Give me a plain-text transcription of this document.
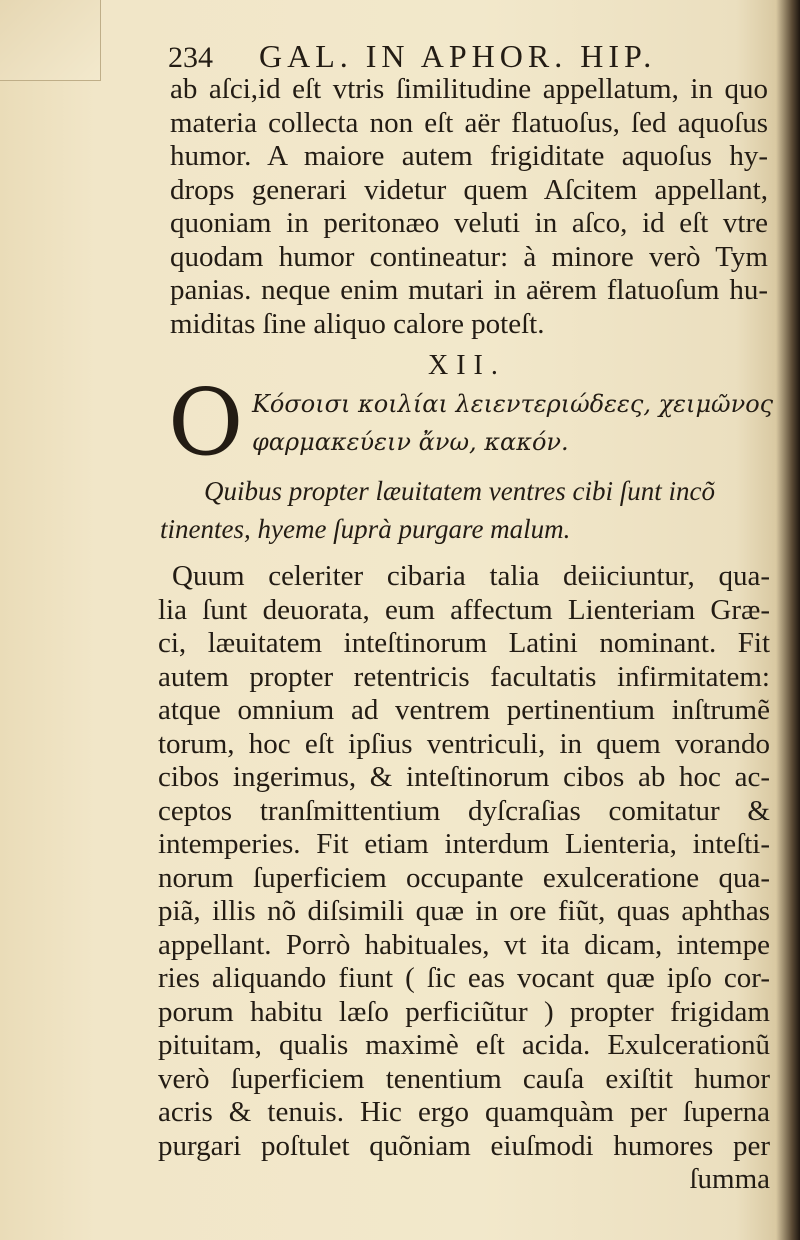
234 GAL. IN APHOR. HIP.
ab aſci,id eſt vtris ſimilitudine appellatum, in quo
materia collecta non eſt aër flatuoſus, ſed aquoſus
humor. A maiore autem frigiditate aquoſus hy-
drops generari videtur quem Aſcitem appellant,
quoniam in peritonæo veluti in aſco, id eſt vtre
quodam humor contineatur: à minore verò Tym
panias. neque enim mutari in aërem flatuoſum hu-
miditas ſine aliquo calore poteſt.
XII.
O Κόσοισι κοιλίαι λειεντεριώδεες, χειμῶνος
φαρμακεύειν ἄνω, κακόν.
Quibus propter læuitatem ventres cibi ſunt incõ
tinentes, hyeme ſuprà purgare malum.
Quum celeriter cibaria talia deiiciuntur, qua-
lia ſunt deuorata, eum affectum Lienteriam Græ-
ci, læuitatem inteſtinorum Latini nominant. Fit
autem propter retentricis facultatis infirmitatem:
atque omnium ad ventrem pertinentium inſtrumẽ
torum, hoc eſt ipſius ventriculi, in quem vorando
cibos ingerimus, & inteſtinorum cibos ab hoc ac-
ceptos tranſmittentium dyſcraſias comitatur &
intemperies. Fit etiam interdum Lienteria, inteſti-
norum ſuperficiem occupante exulceratione qua-
piã, illis nõ diſsimili quæ in ore fiũt, quas aphthas
appellant. Porrò habituales, vt ita dicam, intempe
ries aliquando fiunt ( ſic eas vocant quæ ipſo cor-
porum habitu læſo perficiũtur ) propter frigidam
pituitam, qualis maximè eſt acida. Exulcerationũ
verò ſuperficiem tenentium cauſa exiſtit humor
acris & tenuis. Hic ergo quamquàm per ſuperna
purgari poſtulet quõniam eiuſmodi humores per
ſumma
